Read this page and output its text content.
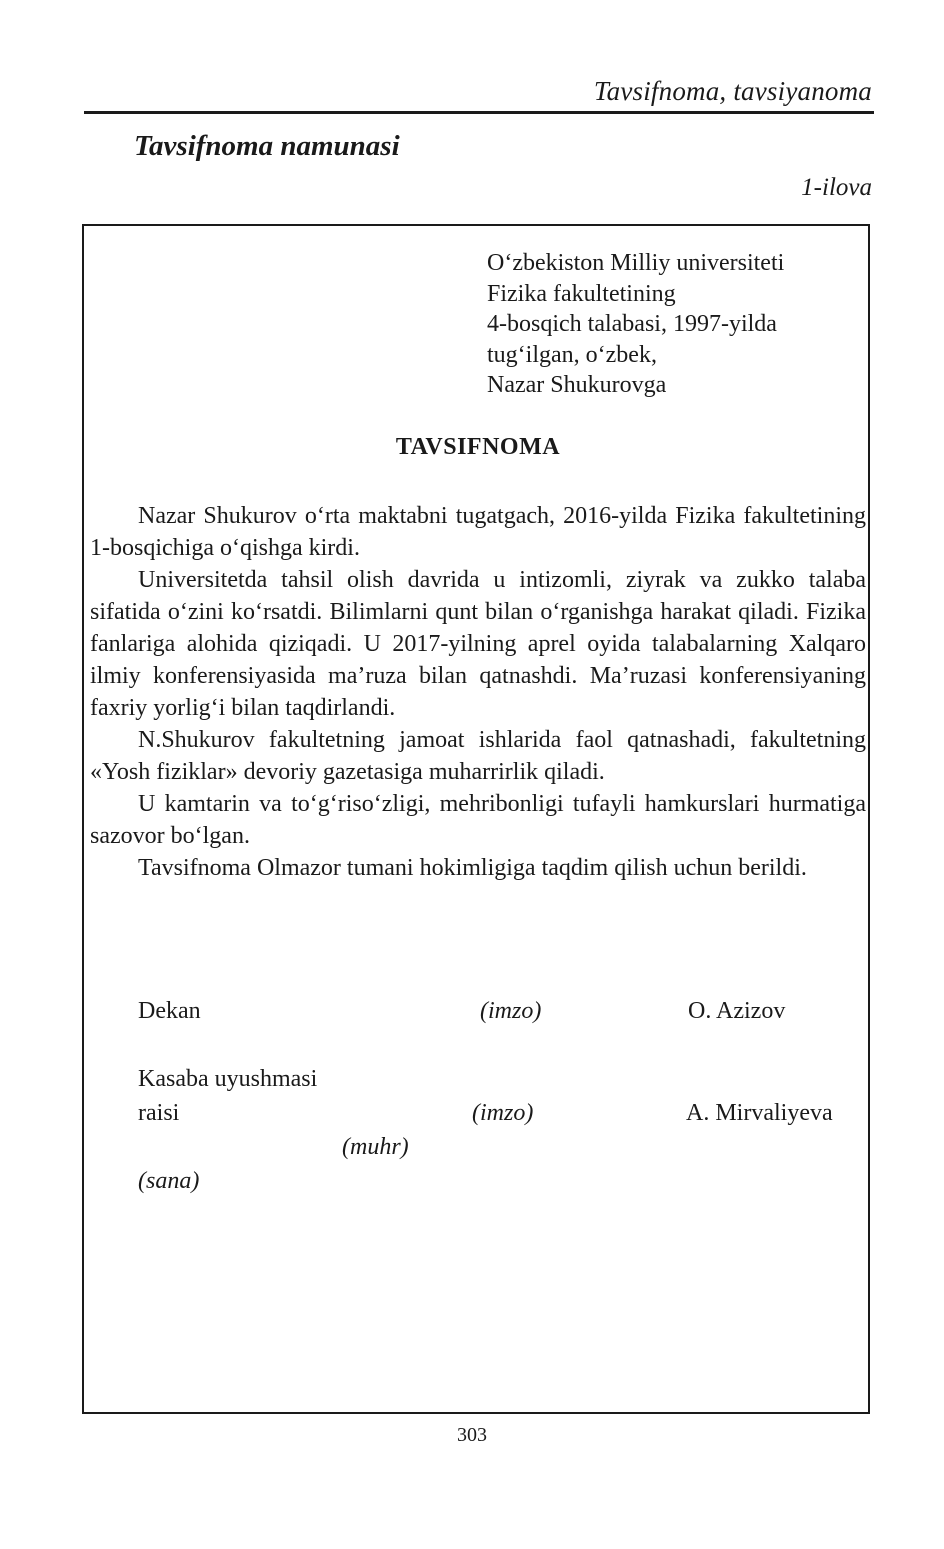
Tavsifnoma, tavsiyanoma
Tavsifnoma namunasi
1-ilova
O‘zbekiston Milliy universiteti
Fizika fakultetining
4-bosqich talabasi, 1997-yilda
tug‘ilgan, o‘zbek,
Nazar Shukurovga
TAVSIFNOMA

Nazar Shukurov o‘rta maktabni tugatgach, 2016-yilda Fizika fakultetining 1-bosqichiga o‘qishga kirdi.

Universitetda tahsil olish davrida u intizomli, ziyrak va zukko talaba sifatida o‘zini ko‘rsatdi. Bilimlarni qunt bilan o‘rganishga harakat qiladi. Fizika fanlariga alohida qiziqadi. U 2017-yilning aprel oyida talabalarning Xalqaro ilmiy konferensiyasida ma’ruza bilan qatnashdi. Ma’ruzasi konferensiyaning faxriy yorlig‘i bilan taqdirlandi.

N.Shukurov fakultetning jamoat ishlarida faol qatnashadi, fakultetning «Yosh fiziklar» devoriy gazetasiga muharrirlik qiladi.

U kamtarin va to‘g‘riso‘zligi, mehribonligi tufayli hamkurslari hurmatiga sazovor bo‘lgan.

Tavsifnoma Olmazor tumani hokimligiga taqdim qilish uchun berildi.

Dekan	(imzo)	O. Azizov
Kasaba uyushmasi
raisi	(imzo)	A. Mirvaliyeva
(muhr)
(sana)
303
